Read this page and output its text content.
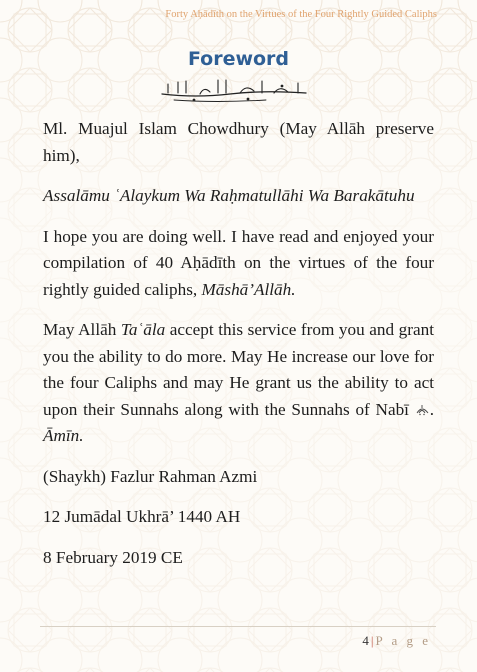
Forty Aḥādīth on the Virtues of the Four Rightly Guided Caliphs
Foreword

Ml. Muajul Islam Chowdhury (May Allāh preserve him),

Assalāmu ʿAlaykum Wa Raḥmatullāhi Wa Barakātuhu

I hope you are doing well. I have read and enjoyed your compilation of 40 Aḥādīth on the virtues of the four rightly guided caliphs, Māshā’Allāh.

May Allāh Taʿāla accept this service from you and grant you the ability to do more. May He increase our love for the four Caliphs and may He grant us the ability to act upon their Sunnahs along with the Sunnahs of Nabī . Āmīn.

(Shaykh) Fazlur Rahman Azmi

12 Jumādal Ukhrā’ 1440 AH

8 February 2019 CE

4 | P a g e
